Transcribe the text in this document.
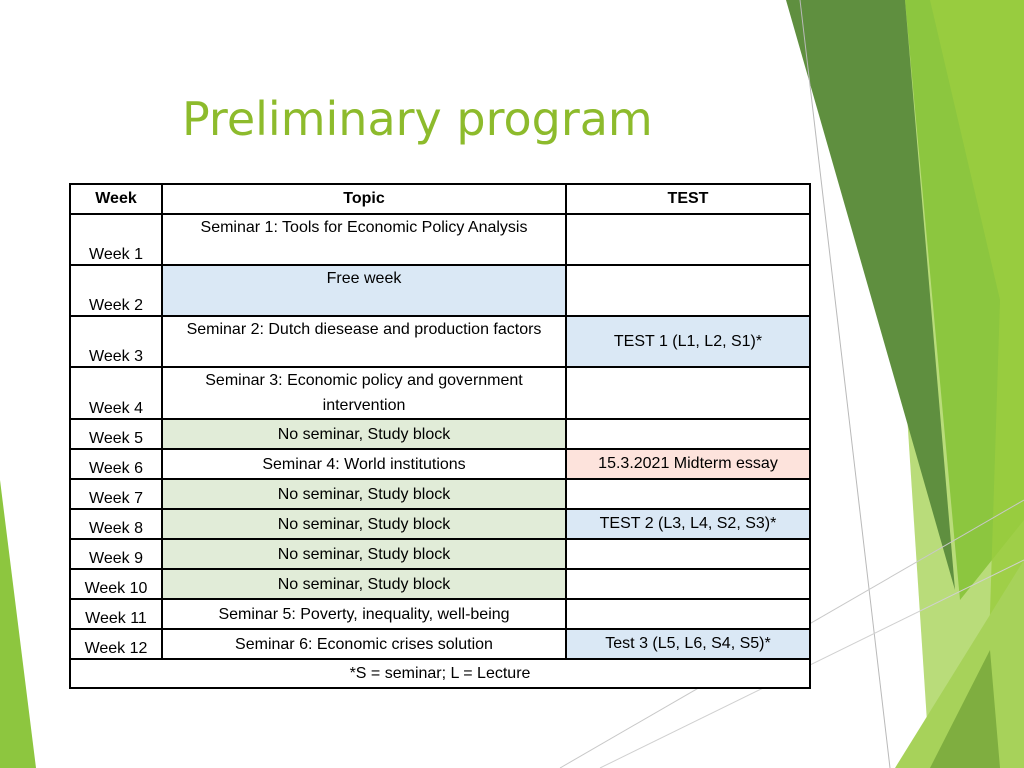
Preliminary program
Week	Topic	TEST
Week 1	Seminar 1: Tools for Economic Policy Analysis	
Week 2	Free week	
Week 3	Seminar 2: Dutch diesease and production factors	TEST 1 (L1, L2, S1)*
Week 4	Seminar 3: Economic policy and government intervention	
Week 5	No seminar, Study block	
Week 6	Seminar 4: World institutions	15.3.2021 Midterm essay
Week 7	No seminar, Study block	
Week 8	No seminar, Study block	TEST 2 (L3, L4, S2, S3)*
Week 9	No seminar, Study block	
Week 10	No seminar, Study block	
Week 11	Seminar 5: Poverty, inequality, well-being	
Week 12	Seminar 6: Economic crises solution	Test 3 (L5, L6, S4, S5)*
*S = seminar; L = Lecture		
